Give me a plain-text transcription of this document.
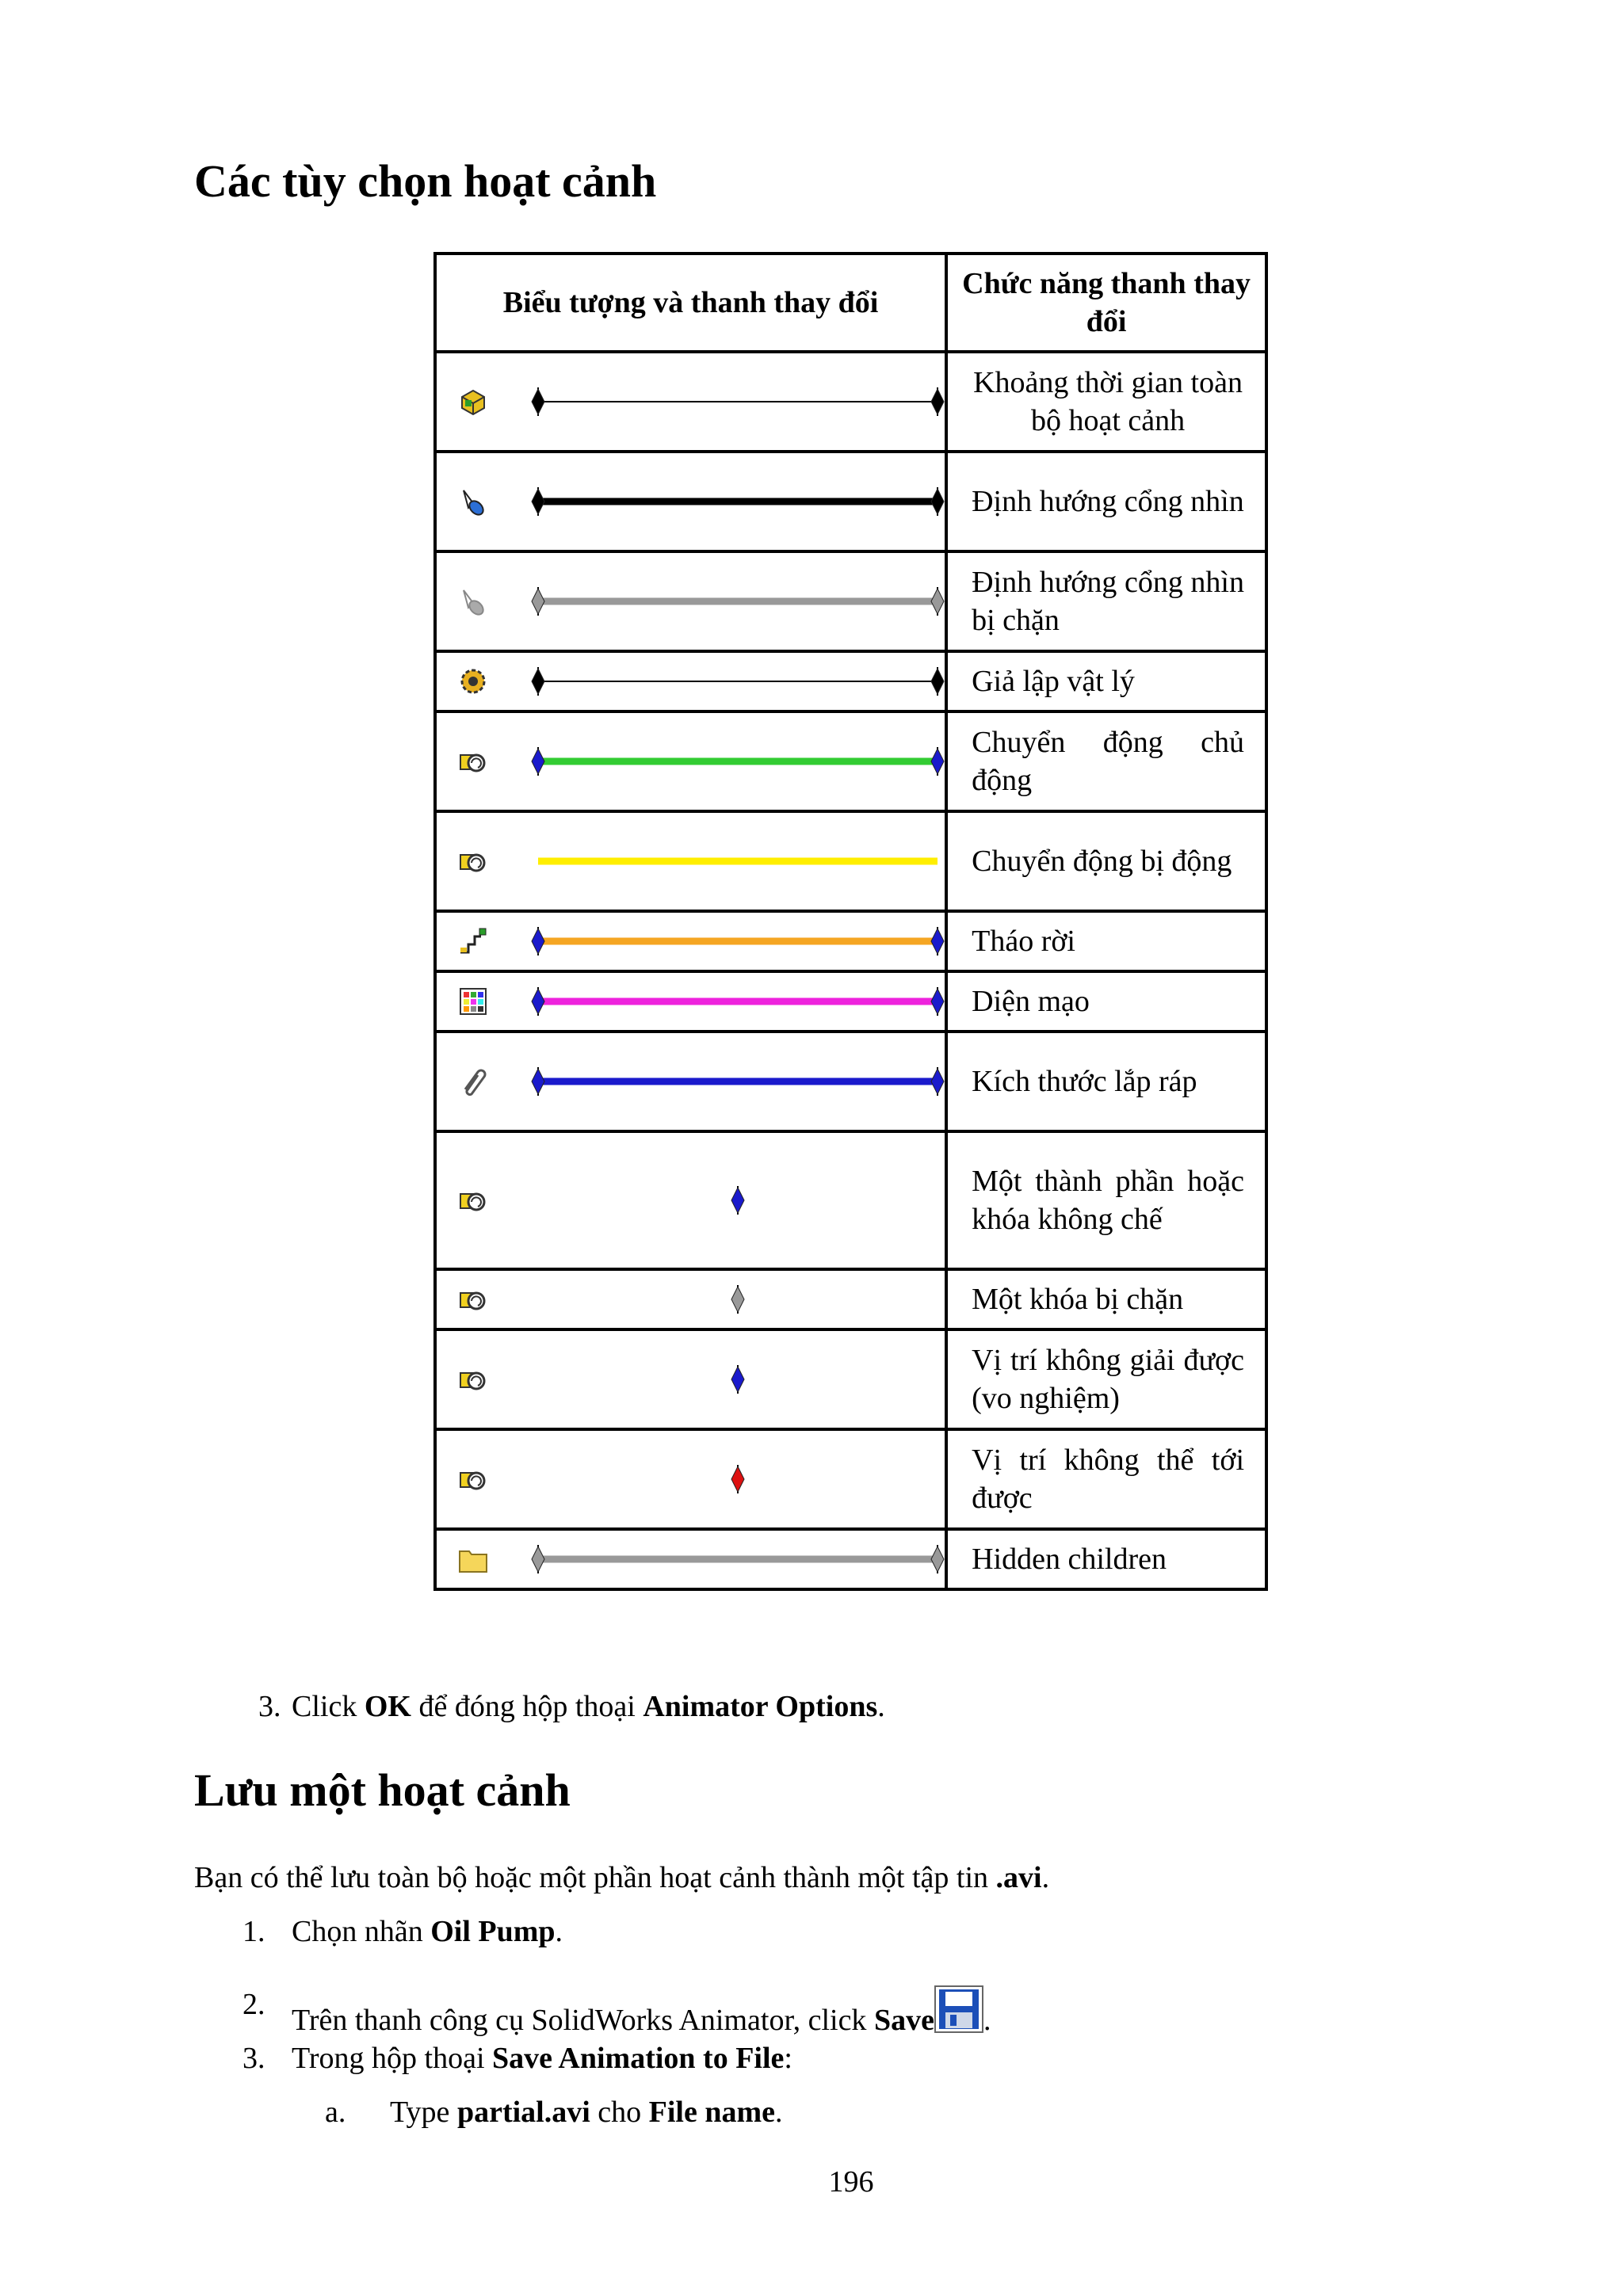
Các tùy chọn hoạt cảnh
Biểu tượng và thanh thay đổi	Chức năng thanh thay đổi

	Khoảng thời gian toàn bộ hoạt cảnh

	Định hướng cổng nhìn

	Định hướng cổng nhìn bị chặn

	Giả lập vật lý

	Chuyển động chủ động

	Chuyển động bị động

	Tháo rời

	Diện mạo

	Kích thước lắp ráp

	Một thành phần hoặc khóa không chế

	Một khóa bị chặn

	Vị trí không giải được (vo nghiệm)

	Vị trí không thể tới được

	Hidden children
3. Click OK để đóng hộp thoại Animator Options.

Lưu một hoạt cảnh

Bạn có thể lưu toàn bộ hoặc một phần hoạt cảnh thành một tập tin .avi.

1. Chọn nhãn Oil Pump.

2. Trên thanh công cụ SolidWorks Animator, click Save .

3. Trong hộp thoại Save Animation to File:

a. Type partial.avi cho File name.

196
